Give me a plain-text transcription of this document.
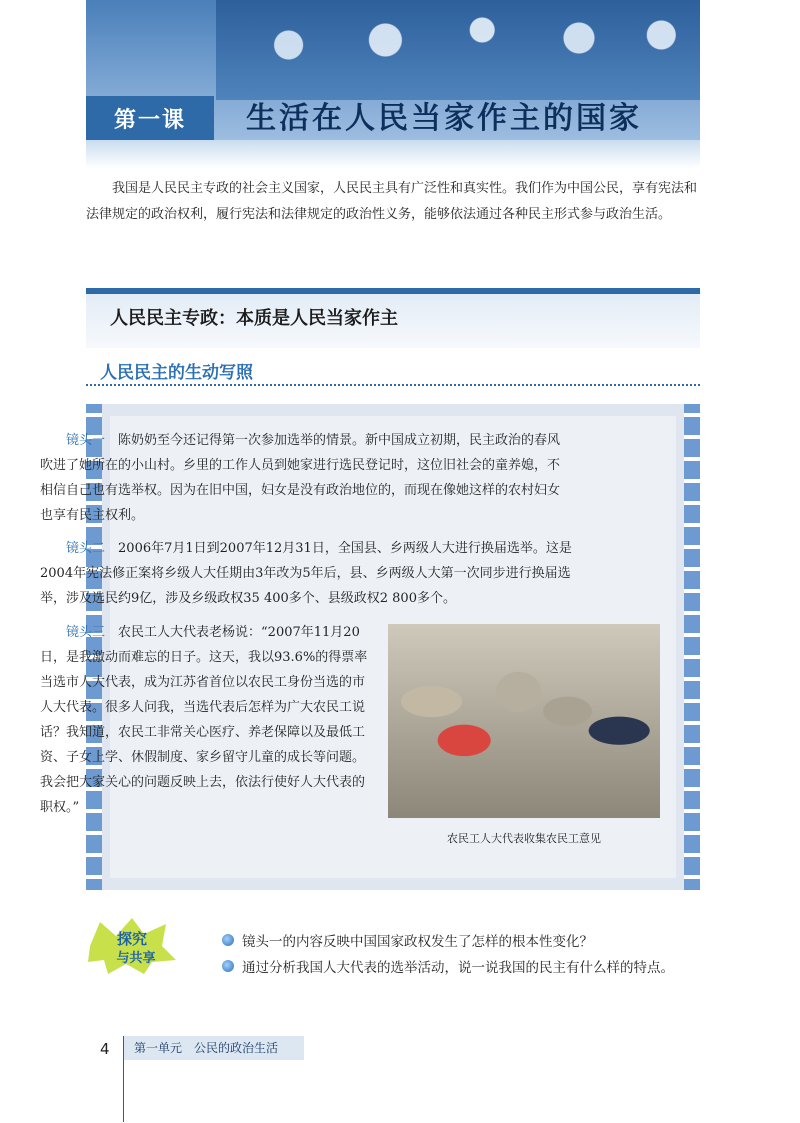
第一课	生活在人民当家作主的国家

我国是人民民主专政的社会主义国家，人民民主具有广泛性和真实性。我们作为中国公民，享有宪法和法律规定的政治权利，履行宪法和法律规定的政治性义务，能够依法通过各种民主形式参与政治生活。

人民民主专政：本质是人民当家作主
人民民主的生动写照

镜头一　 陈奶奶至今还记得第一次参加选举的情景。新中国成立初期，民主政治的春风吹进了她所在的小山村。乡里的工作人员到她家进行选民登记时，这位旧社会的童养媳，不相信自己也有选举权。因为在旧中国，妇女是没有政治地位的，而现在像她这样的农村妇女也享有民主权利。

镜头二　 2006年7月1日到2007年12月31日，全国县、乡两级人大进行换届选举。这是2004年宪法修正案将乡级人大任期由3年改为5年后，县、乡两级人大第一次同步进行换届选举，涉及选民约9亿，涉及乡级政权35 400多个、县级政权2 800多个。

镜头三　 农民工人大代表老杨说：“2007年11月20日，是我激动而难忘的日子。这天，我以93.6%的得票率当选市人大代表，成为江苏省首位以农民工身份当选的市人大代表。很多人问我，当选代表后怎样为广大农民工说话？我知道，农民工非常关心医疗、养老保障以及最低工资、子女上学、休假制度、家乡留守儿童的成长等问题。我会把大家关心的问题反映上去，依法行使好人大代表的职权。”

农民工人大代表收集农民工意见
探究
与共享
镜头一的内容反映中国国家政权发生了怎样的根本性变化？
通过分析我国人大代表的选举活动，说一说我国的民主有什么样的特点。
4	第一单元　公民的政治生活
